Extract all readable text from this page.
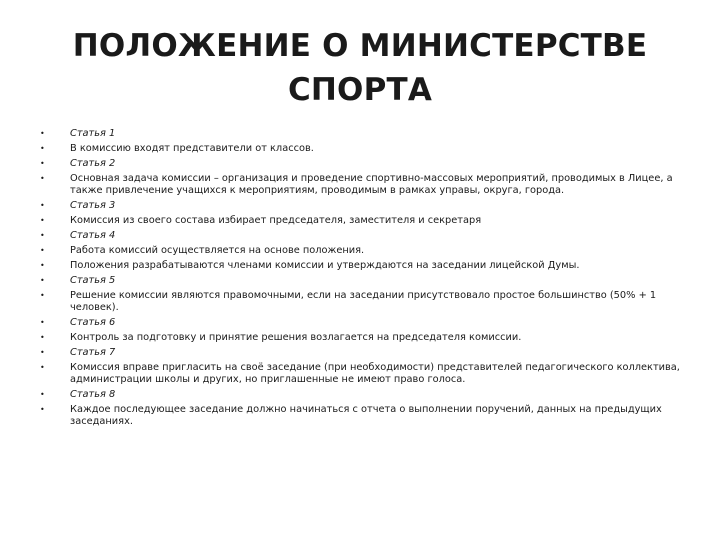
ПОЛОЖЕНИЕ О МИНИСТЕРСТВЕ
СПОРТА
•	Статья 1
•	В комиссию входят представители от классов.
•	Статья 2
•	Основная задача комиссии – организация и проведение спортивно-массовых мероприятий, проводимых в Лицее, а также привлечение учащихся к мероприятиям, проводимым в рамках управы, округа, города.
•	Статья 3
•	Комиссия из своего состава избирает председателя, заместителя и секретаря
•	Статья 4
•	Работа комиссий осуществляется на основе положения.
•	Положения разрабатываются членами комиссии и утверждаются на заседании лицейской Думы.
•	Статья 5
•	Решение комиссии являются правомочными, если на заседании присутствовало простое большинство (50% + 1 человек).
•	Статья 6
•	Контроль за подготовку и принятие решения возлагается на председателя комиссии.
•	Статья 7
•	Комиссия вправе пригласить на своё заседание (при необходимости) представителей педагогического коллектива, администрации школы и других, но приглашенные не имеют право голоса.
•	Статья 8
•	Каждое последующее заседание должно начинаться с отчета о выполнении поручений, данных на предыдущих заседаниях.
